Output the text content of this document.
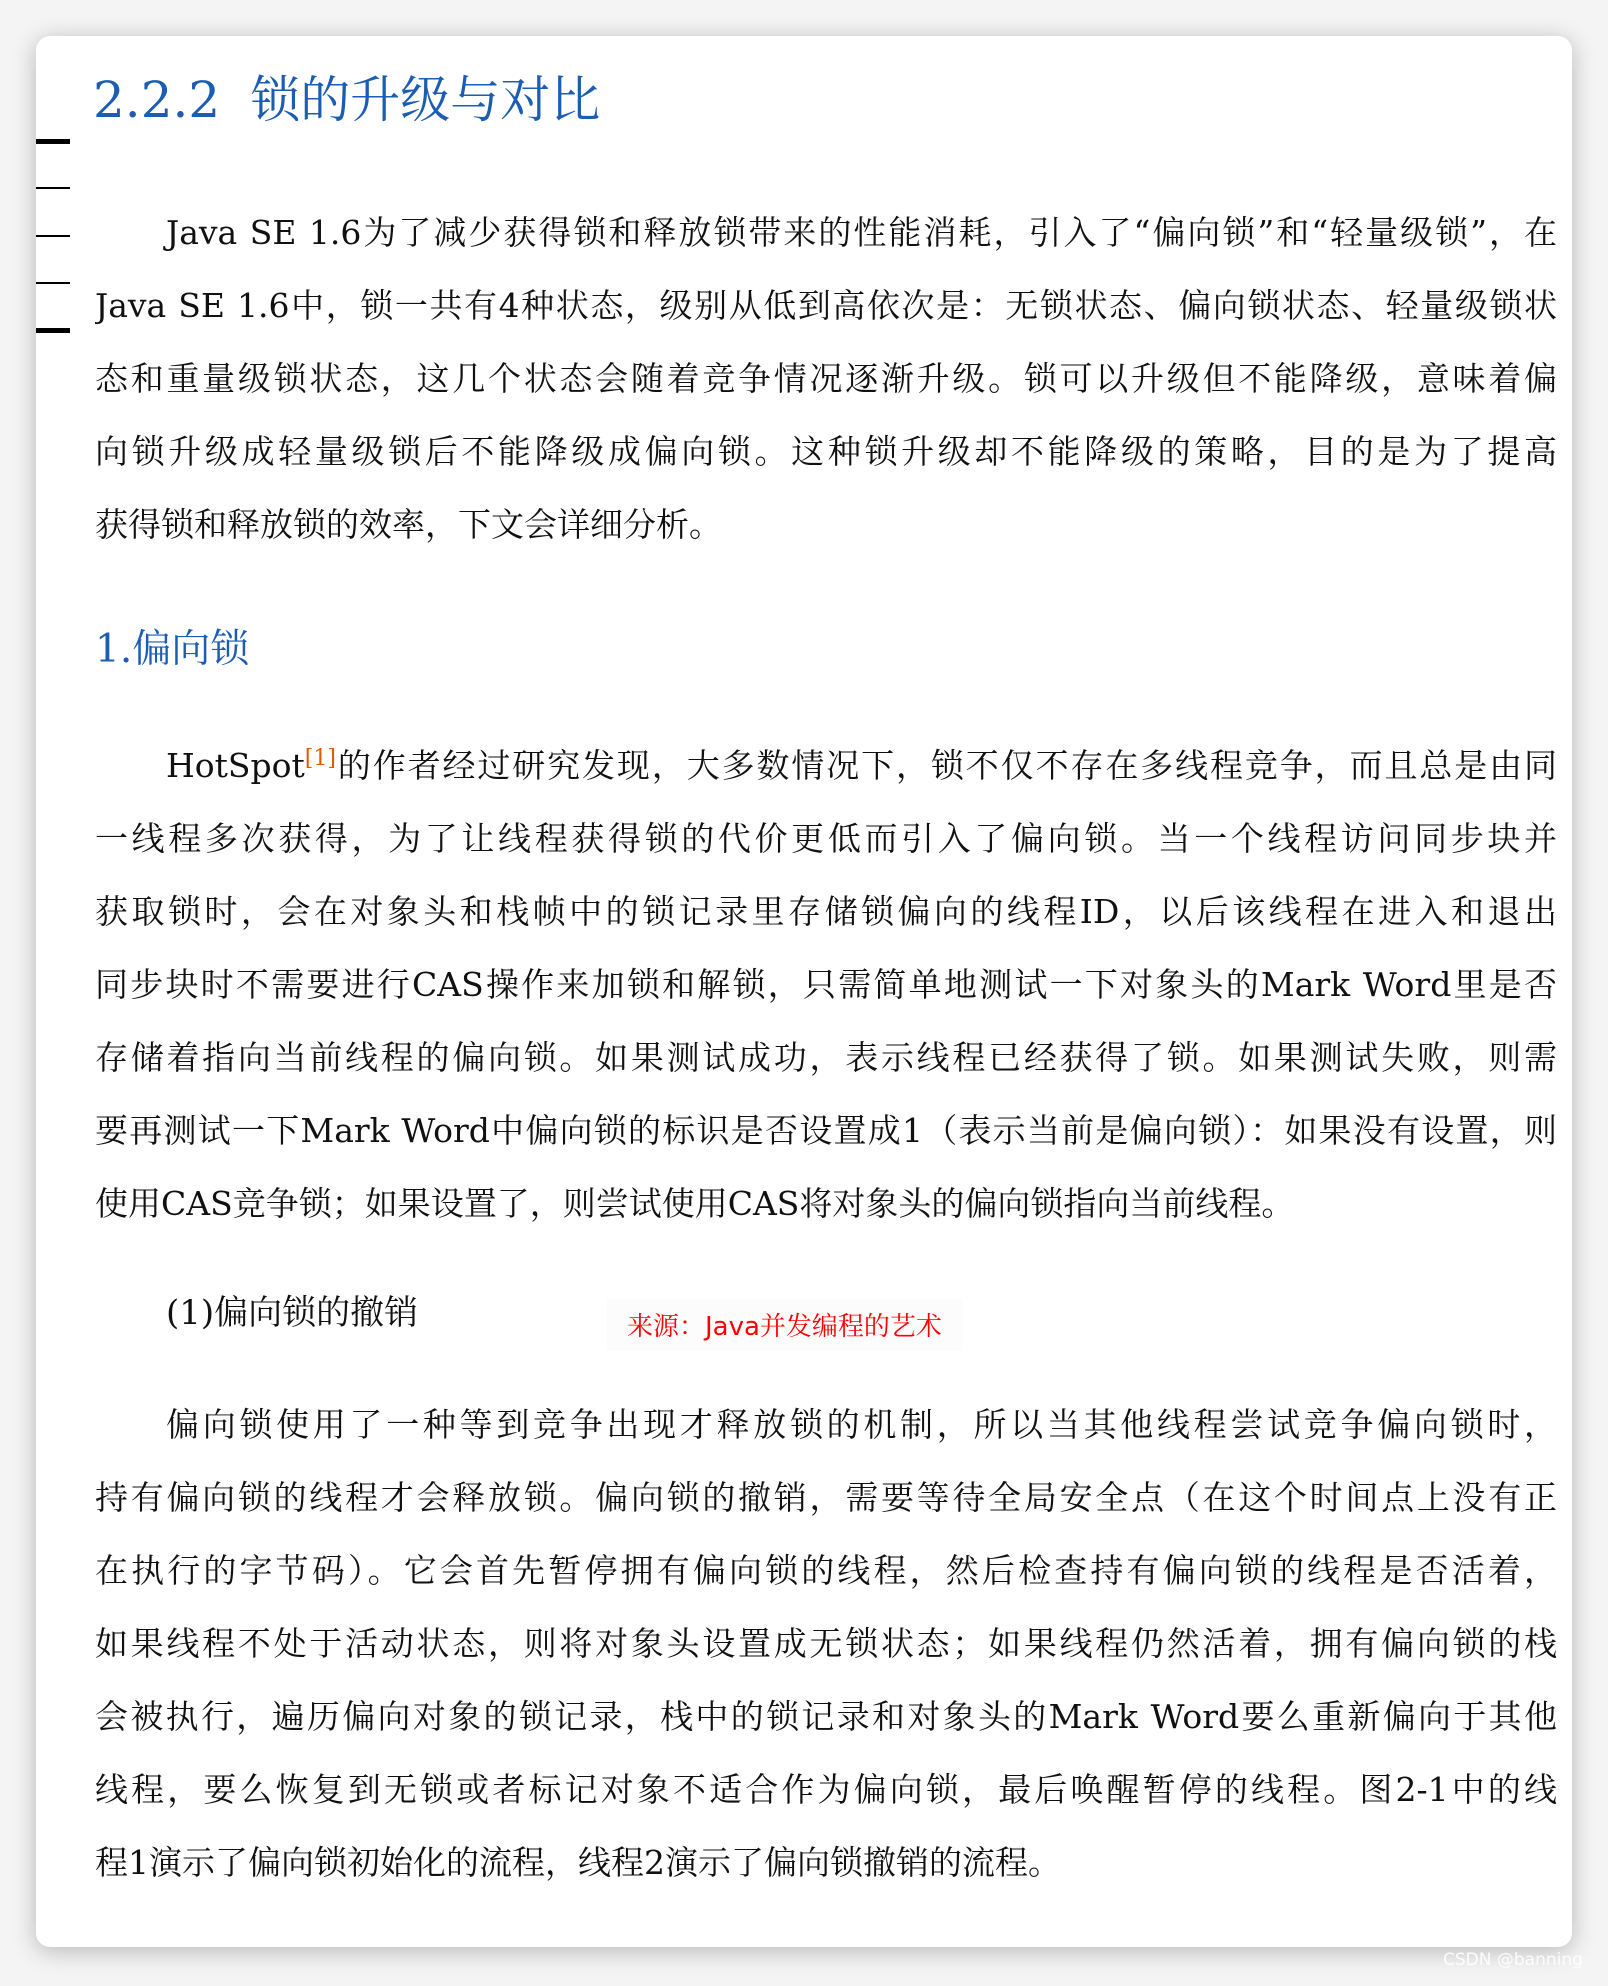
2.2.2 锁的升级与对比
Java SE 1.6为了减少获得锁和释放锁带来的性能消耗，引入了“偏向锁”和“轻量级锁”，在
Java SE 1.6中，锁一共有4种状态，级别从低到高依次是：无锁状态、偏向锁状态、轻量级锁状
态和重量级锁状态，这几个状态会随着竞争情况逐渐升级。锁可以升级但不能降级，意味着偏
向锁升级成轻量级锁后不能降级成偏向锁。这种锁升级却不能降级的策略，目的是为了提高
获得锁和释放锁的效率，下文会详细分析。
1.偏向锁
HotSpot[1]的作者经过研究发现，大多数情况下，锁不仅不存在多线程竞争，而且总是由同
一线程多次获得，为了让线程获得锁的代价更低而引入了偏向锁。当一个线程访问同步块并
获取锁时，会在对象头和栈帧中的锁记录里存储锁偏向的线程ID，以后该线程在进入和退出
同步块时不需要进行CAS操作来加锁和解锁，只需简单地测试一下对象头的Mark Word里是否
存储着指向当前线程的偏向锁。如果测试成功，表示线程已经获得了锁。如果测试失败，则需
要再测试一下Mark Word中偏向锁的标识是否设置成1（表示当前是偏向锁）：如果没有设置，则
使用CAS竞争锁；如果设置了，则尝试使用CAS将对象头的偏向锁指向当前线程。
(1)偏向锁的撤销	来源：Java并发编程的艺术
偏向锁使用了一种等到竞争出现才释放锁的机制，所以当其他线程尝试竞争偏向锁时，
持有偏向锁的线程才会释放锁。偏向锁的撤销，需要等待全局安全点（在这个时间点上没有正
在执行的字节码）。它会首先暂停拥有偏向锁的线程，然后检查持有偏向锁的线程是否活着，
如果线程不处于活动状态，则将对象头设置成无锁状态；如果线程仍然活着，拥有偏向锁的栈
会被执行，遍历偏向对象的锁记录，栈中的锁记录和对象头的Mark Word要么重新偏向于其他
线程，要么恢复到无锁或者标记对象不适合作为偏向锁，最后唤醒暂停的线程。图2-1中的线
程1演示了偏向锁初始化的流程，线程2演示了偏向锁撤销的流程。
CSDN @banning
